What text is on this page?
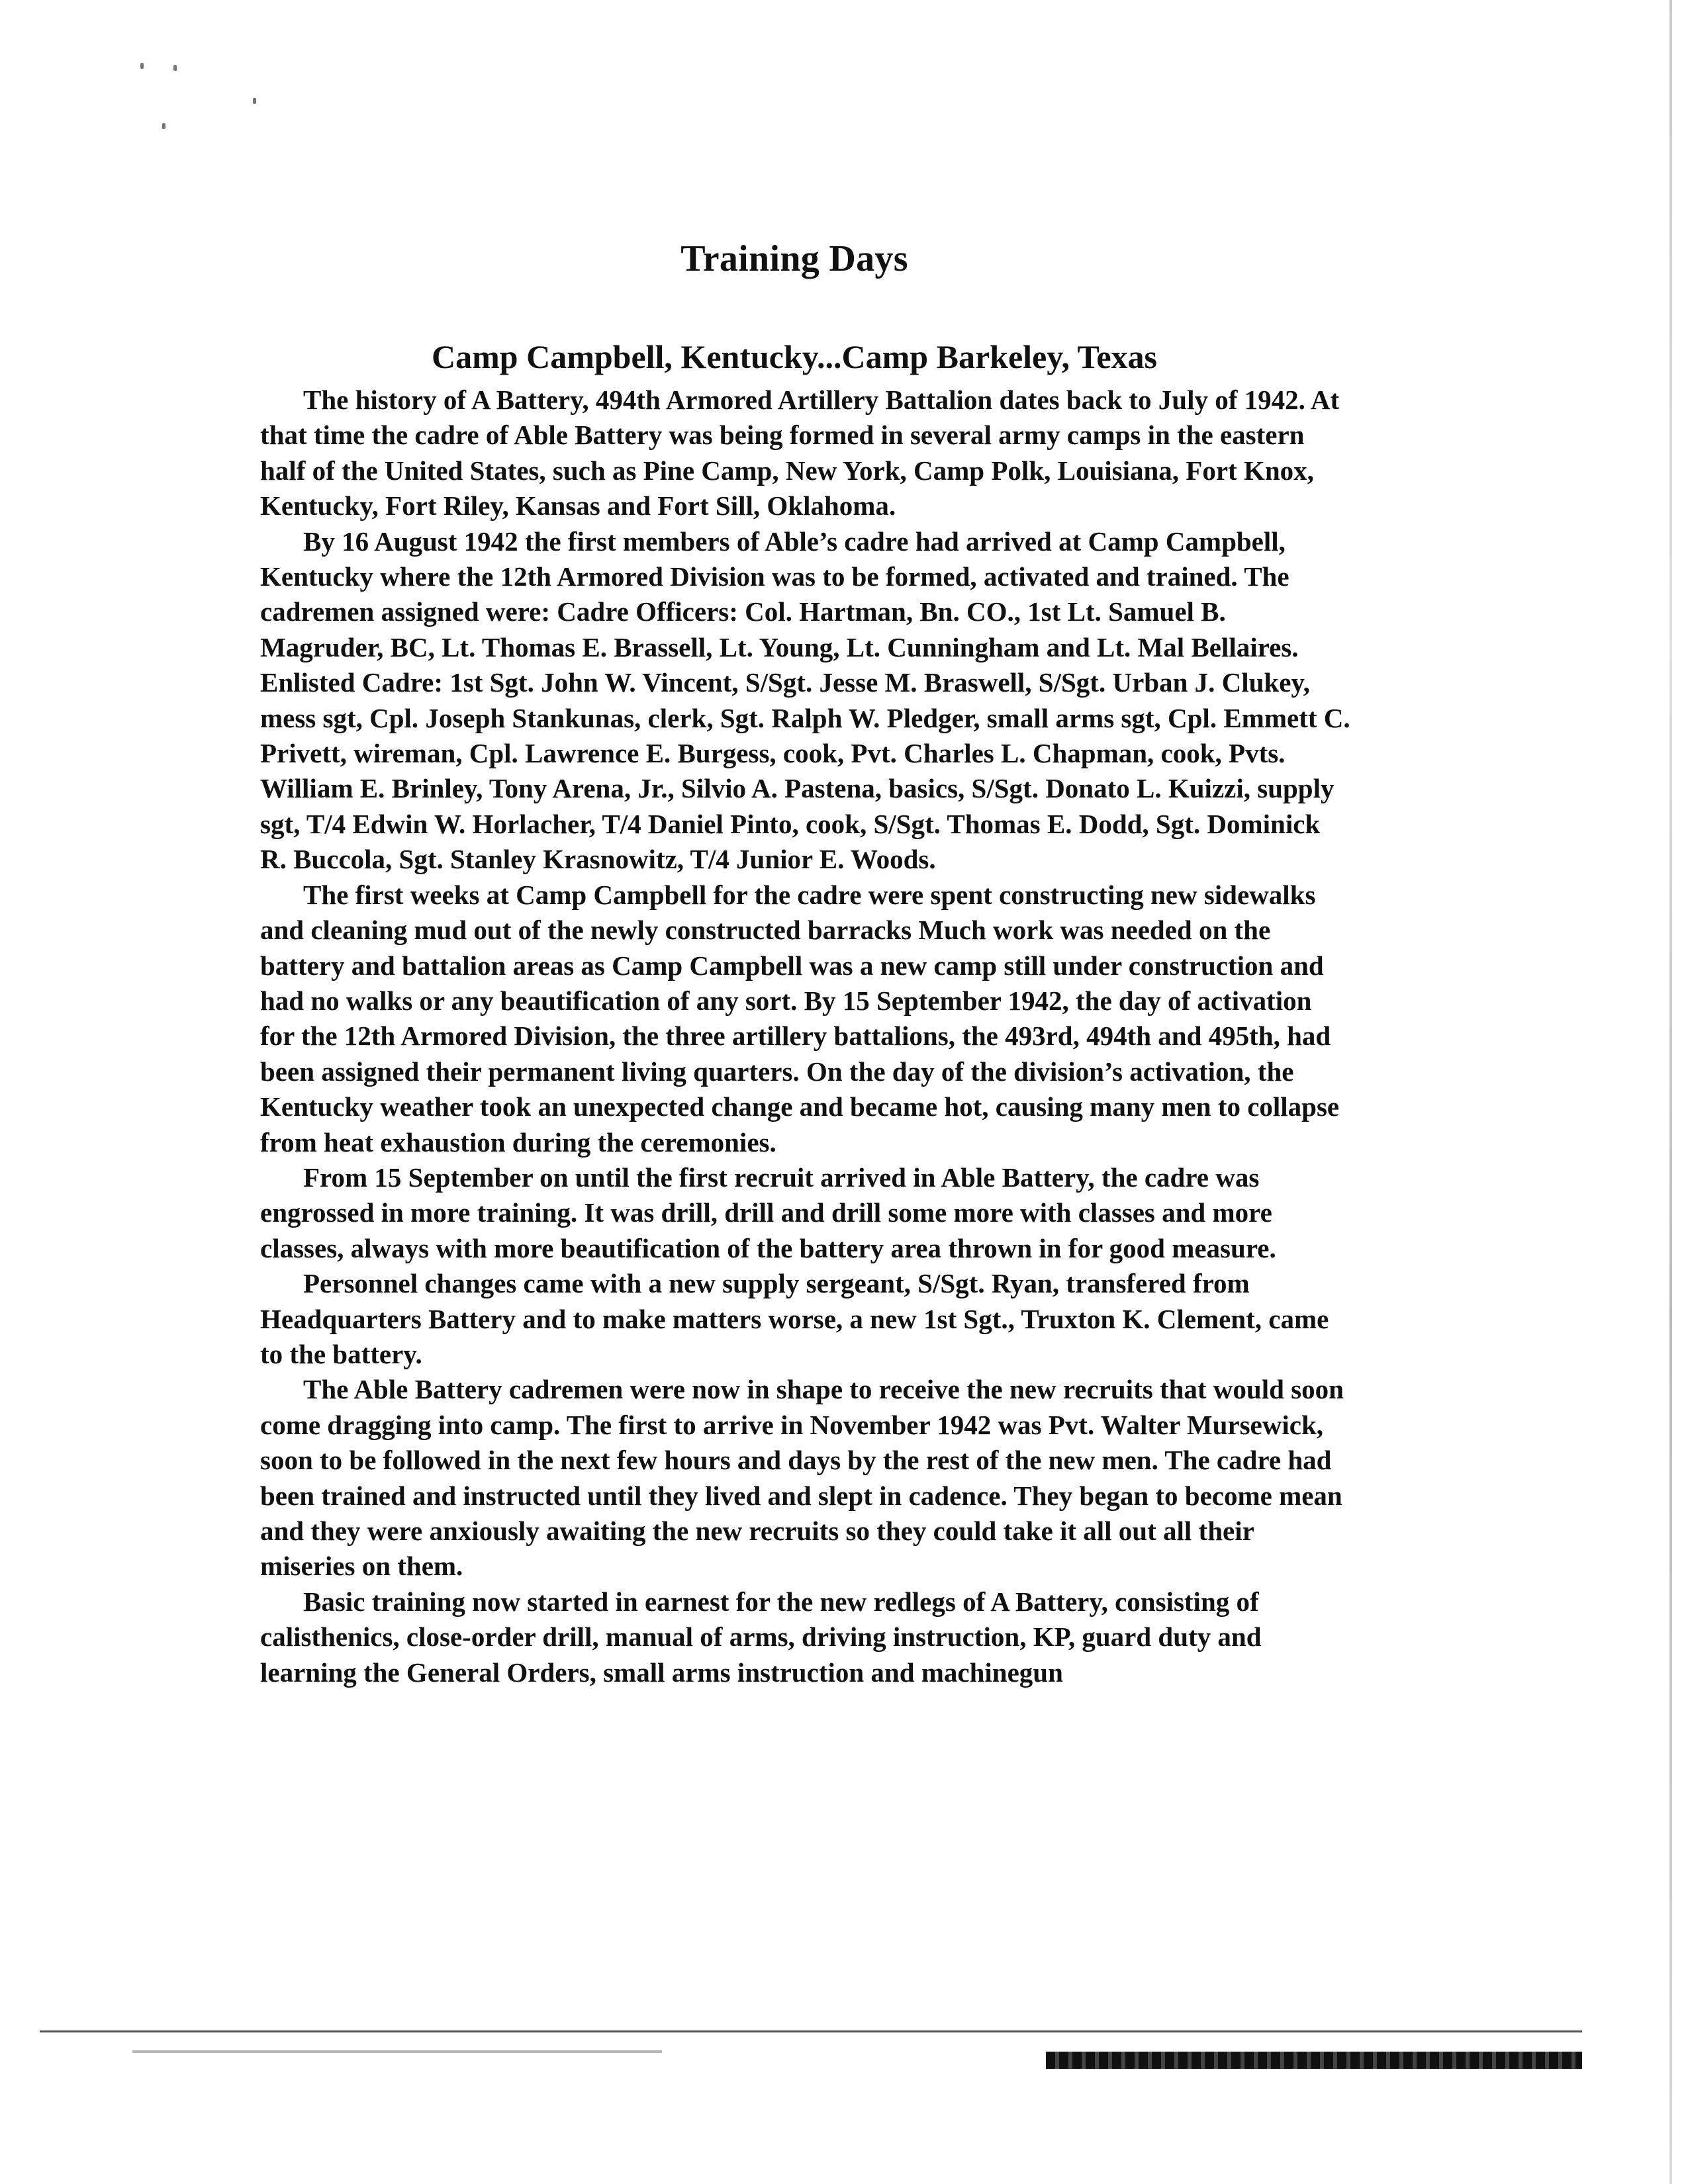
Training Days
Camp Campbell, Kentucky...Camp Barkeley, Texas

The history of A Battery, 494th Armored Artillery Battalion dates back to July of 1942. At that time the cadre of Able Battery was being formed in several army camps in the eastern half of the United States, such as Pine Camp, New York, Camp Polk, Louisiana, Fort Knox, Kentucky, Fort Riley, Kansas and Fort Sill, Oklahoma.

By 16 August 1942 the first members of Able’s cadre had arrived at Camp Campbell, Kentucky where the 12th Armored Division was to be formed, activated and trained. The cadremen assigned were: Cadre Officers: Col. Hartman, Bn. CO., 1st Lt. Samuel B. Magruder, BC, Lt. Thomas E. Brassell, Lt. Young, Lt. Cunningham and Lt. Mal Bellaires. Enlisted Cadre: 1st Sgt. John W. Vincent, S/Sgt. Jesse M. Braswell, S/Sgt. Urban J. Clukey, mess sgt, Cpl. Joseph Stankunas, clerk, Sgt. Ralph W. Pledger, small arms sgt, Cpl. Emmett C. Privett, wireman, Cpl. Lawrence E. Burgess, cook, Pvt. Charles L. Chapman, cook, Pvts. William E. Brinley, Tony Arena, Jr., Silvio A. Pastena, basics, S/Sgt. Donato L. Kuizzi, supply sgt, T/4 Edwin W. Horlacher, T/4 Daniel Pinto, cook, S/Sgt. Thomas E. Dodd, Sgt. Dominick R. Buccola, Sgt. Stanley Krasnowitz, T/4 Junior E. Woods.

The first weeks at Camp Campbell for the cadre were spent constructing new sidewalks and cleaning mud out of the newly constructed barracks Much work was needed on the battery and battalion areas as Camp Campbell was a new camp still under construction and had no walks or any beautification of any sort. By 15 September 1942, the day of activation for the 12th Armored Division, the three artillery battalions, the 493rd, 494th and 495th, had been assigned their permanent living quarters. On the day of the division’s activation, the Kentucky weather took an unexpected change and became hot, causing many men to collapse from heat exhaustion during the ceremonies.

From 15 September on until the first recruit arrived in Able Battery, the cadre was engrossed in more training. It was drill, drill and drill some more with classes and more classes, always with more beautification of the battery area thrown in for good measure.

Personnel changes came with a new supply sergeant, S/Sgt. Ryan, transfered from Headquarters Battery and to make matters worse, a new 1st Sgt., Truxton K. Clement, came to the battery.

The Able Battery cadremen were now in shape to receive the new recruits that would soon come dragging into camp. The first to arrive in November 1942 was Pvt. Walter Mursewick, soon to be followed in the next few hours and days by the rest of the new men. The cadre had been trained and instructed until they lived and slept in cadence. They began to become mean and they were anxiously awaiting the new recruits so they could take it all out all their miseries on them.

Basic training now started in earnest for the new redlegs of A Battery, consisting of calisthenics, close-order drill, manual of arms, driving instruction, KP, guard duty and learning the General Orders, small arms instruction and machinegun
